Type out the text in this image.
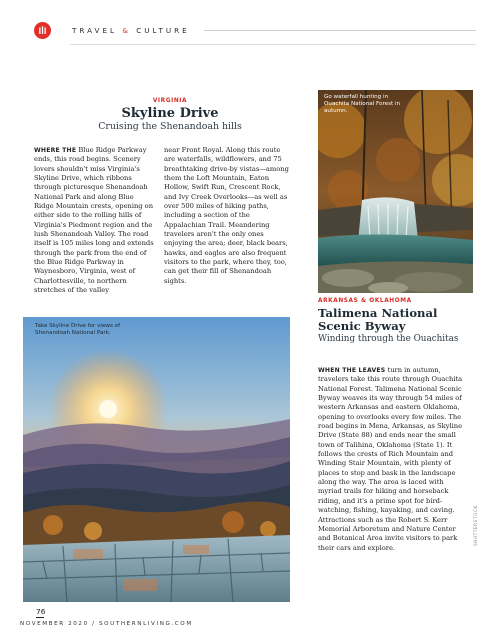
TRAVEL & CULTURE
VIRGINIA
Skyline Drive
Cruising the Shenandoah hills

WHERE THE Blue Ridge Parkway ends, this road begins. Scenery lovers shouldn't miss Virginia's Skyline Drive, which ribbons through picturesque Shenandoah National Park and along Blue Ridge Mountain crests, opening on either side to the rolling hills of Virginia's Piedmont region and the lush Shenandoah Valley. The road itself is 105 miles long and extends through the park from the end of the Blue Ridge Parkway in Waynesboro, Virginia, west of Charlottesville, to northern stretches of the valley

near Front Royal. Along this route are waterfalls, wildflowers, and 75 breathtaking drive-by vistas—among them the Loft Mountain, Eaton Hollow, Swift Run, Crescent Rock, and Ivy Creek Overlooks—as well as over 500 miles of hiking paths, including a section of the Appalachian Trail. Meandering travelers aren't the only ones enjoying the area; deer, black bears, hawks, and eagles are also frequent visitors to the park, where they, too, can get their fill of Shenandoah sights.

Go waterfall hunting in Ouachita National Forest in autumn.
ARKANSAS & OKLAHOMA
Talimena National Scenic Byway
Winding through the Ouachitas

WHEN THE LEAVES turn in autumn, travelers take this route through Ouachita National Forest. Talimena National Scenic Byway weaves its way through 54 miles of western Arkansas and eastern Oklahoma, opening to overlooks every few miles. The road begins in Mena, Arkansas, as Skyline Drive (State 88) and ends near the small town of Talihina, Oklahoma (State 1). It follows the crests of Rich Mountain and Winding Stair Mountain, with plenty of places to stop and bask in the landscape along the way. The area is laced with myriad trails for hiking and horseback riding, and it's a prime spot for bird-watching, fishing, kayaking, and caving. Attractions such as the Robert S. Kerr Memorial Arboretum and Nature Center and Botanical Area invite visitors to park their cars and explore.

Take Skyline Drive for views of Shenandoah National Park.
SHUTTERSTOCK
76
NOVEMBER 2020 / SOUTHERNLIVING.COM
